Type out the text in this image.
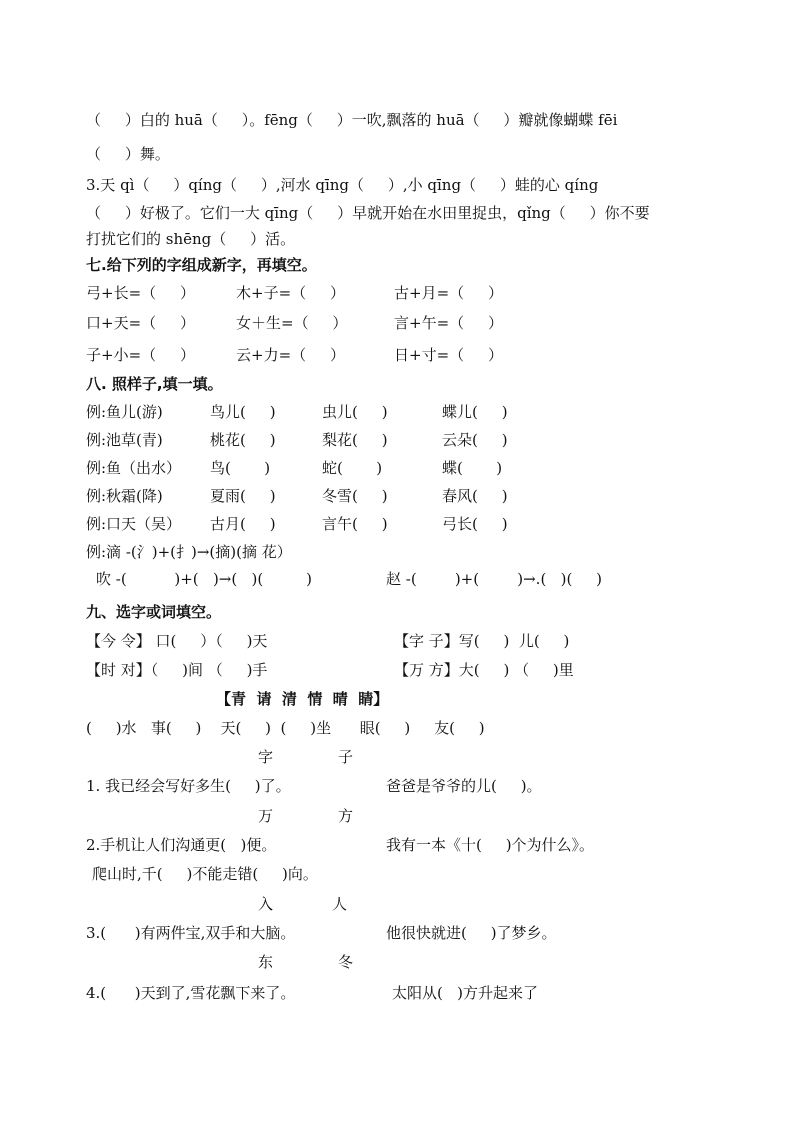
（     ）白的 huā（     ）。fēng（     ）一吹,飘落的 huā（     ）瓣就像蝴蝶 fēi
（     ）舞。
3.天 qì（     ）qíng（     ）,河水 qīng（     ）,小 qīng（     ）蛙的心 qíng
（     ）好极了。它们一大 qīng（     ）早就开始在水田里捉虫，qǐng（     ）你不要
打扰它们的 shēng（     ）活。
七.给下列的字组成新字，再填空。
弓+长=（     ）	木+子=（     ）	古+月=（     ）
口+天=（     ）	女＋生=（     ）	言+午=（     ）
子+小=（     ）	云+力=（     ）	日+寸=（     ）
八. 照样子,填一填。
例:鱼儿(游)	鸟儿(     )	虫儿(     )	蝶儿(     )
例:池草(青)	桃花(     )	梨花(     )	云朵(     )
例:鱼（出水） 鸟(       )	蛇(       )	蝶(       )
例:秋霜(降)	夏雨(     )	冬雪(     )	春风(     )
例:口天（吴） 古月(     )	言午(     )	弓长(     )
例:滴 -(氵)+(扌)→(摘)(摘 花）
吹 -(          )+(   )→(   )(         )	赵 -(        )+(        )→.(   )(     )
九、选字或词填空。
【今 令】 口(     ）（     )天	【字 子】写(     )  儿(     )
【时 对】（     )间 （     )手	【万 方】大(     ) （     )里
【青  请  清  情  晴  睛】
(     )水   事(     )    天(     )  (     )坐      眼(     )     友(     )
字	子
1. 我已经会写好多生(     )了。	爸爸是爷爷的儿(     )。
万	方
2.手机让人们沟通更(   )便。	我有一本《十(     )个为什么》。
爬山时,千(     )不能走错(     )向。
入	人
3.(      )有两件宝,双手和大脑。	他很快就进(     )了梦乡。
东	冬
4.(      )天到了,雪花飘下来了。	太阳从(   )方升起来了
